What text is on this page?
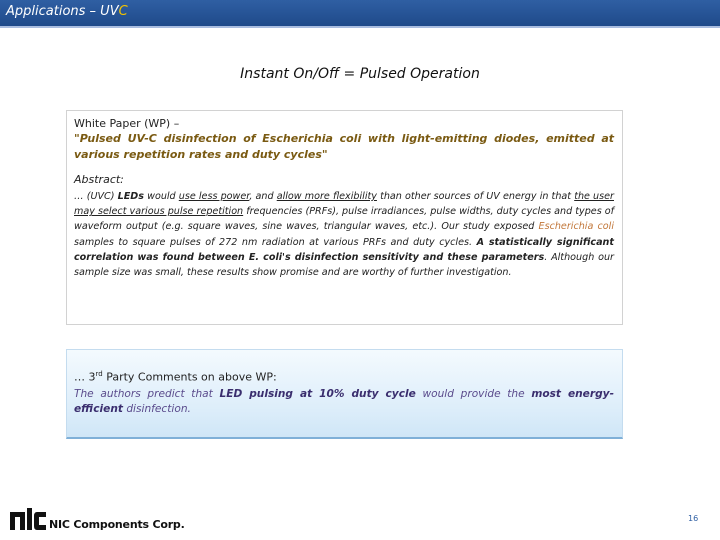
Applications – UVC
Instant On/Off = Pulsed Operation
White Paper (WP) –
"Pulsed UV-C disinfection of Escherichia coli with light-emitting diodes, emitted at various repetition rates and duty cycles"
Abstract:
… (UVC) LEDs would use less power, and allow more flexibility than other sources of UV energy in that the user may select various pulse repetition frequencies (PRFs), pulse irradiances, pulse widths, duty cycles and types of waveform output (e.g. square waves, sine waves, triangular waves, etc.). Our study exposed Escherichia coli samples to square pulses of 272 nm radiation at various PRFs and duty cycles. A statistically significant correlation was found between E. coli's disinfection sensitivity and these parameters. Although our sample size was small, these results show promise and are worthy of further investigation.
… 3rd Party Comments on above WP:
The authors predict that LED pulsing at 10% duty cycle would provide the most energy-efficient disinfection.
NIC Components Corp.	16
